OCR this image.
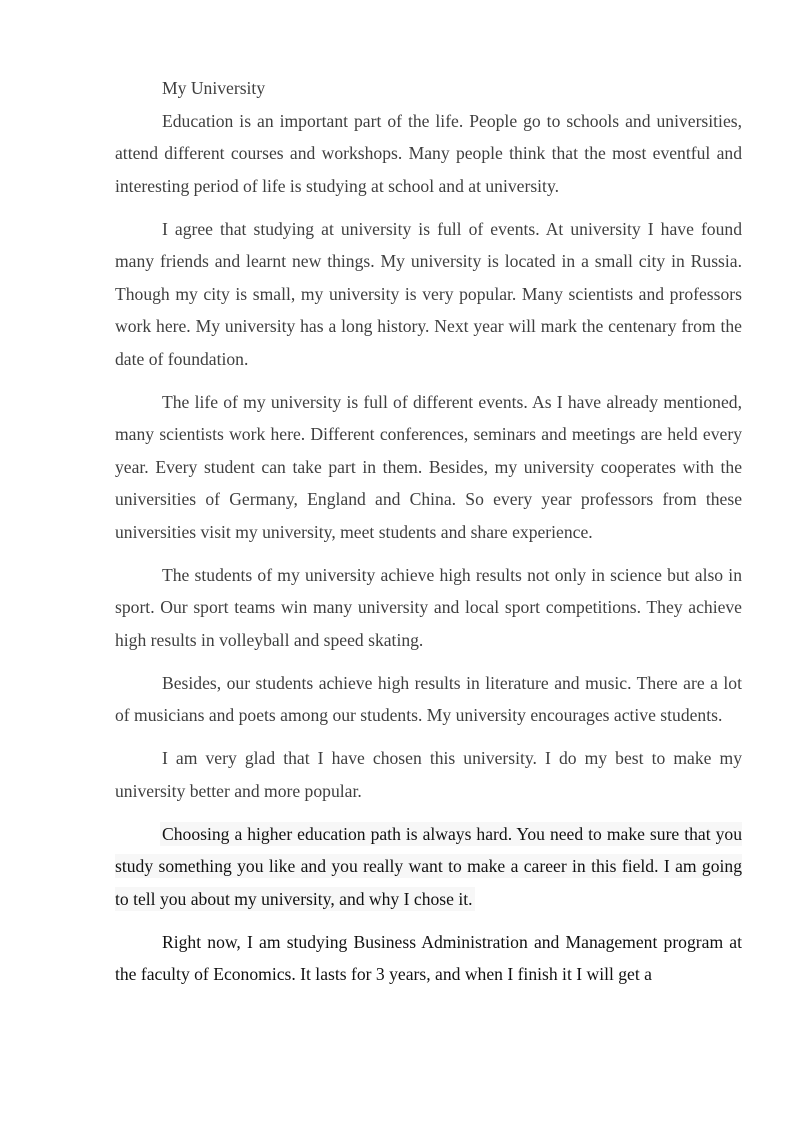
My University

Education is an important part of the life. People go to schools and universities, attend different courses and workshops. Many people think that the most eventful and interesting period of life is studying at school and at university.

I agree that studying at university is full of events. At university I have found many friends and learnt new things. My university is located in a small city in Russia. Though my city is small, my university is very popular. Many scientists and professors work here. My university has a long history. Next year will mark the centenary from the date of foundation.

The life of my university is full of different events. As I have already mentioned, many scientists work here. Different conferences, seminars and meetings are held every year. Every student can take part in them. Besides, my university cooperates with the universities of Germany, England and China. So every year professors from these universities visit my university, meet students and share experience.

The students of my university achieve high results not only in science but also in sport. Our sport teams win many university and local sport competitions. They achieve high results in volleyball and speed skating.

Besides, our students achieve high results in literature and music. There are a lot of musicians and poets among our students. My university encourages active students.

I am very glad that I have chosen this university. I do my best to make my university better and more popular.

Choosing a higher education path is always hard. You need to make sure that you study something you like and you really want to make a career in this field. I am going to tell you about my university, and why I chose it.

Right now, I am studying Business Administration and Management program at the faculty of Economics. It lasts for 3 years, and when I finish it I will get a
